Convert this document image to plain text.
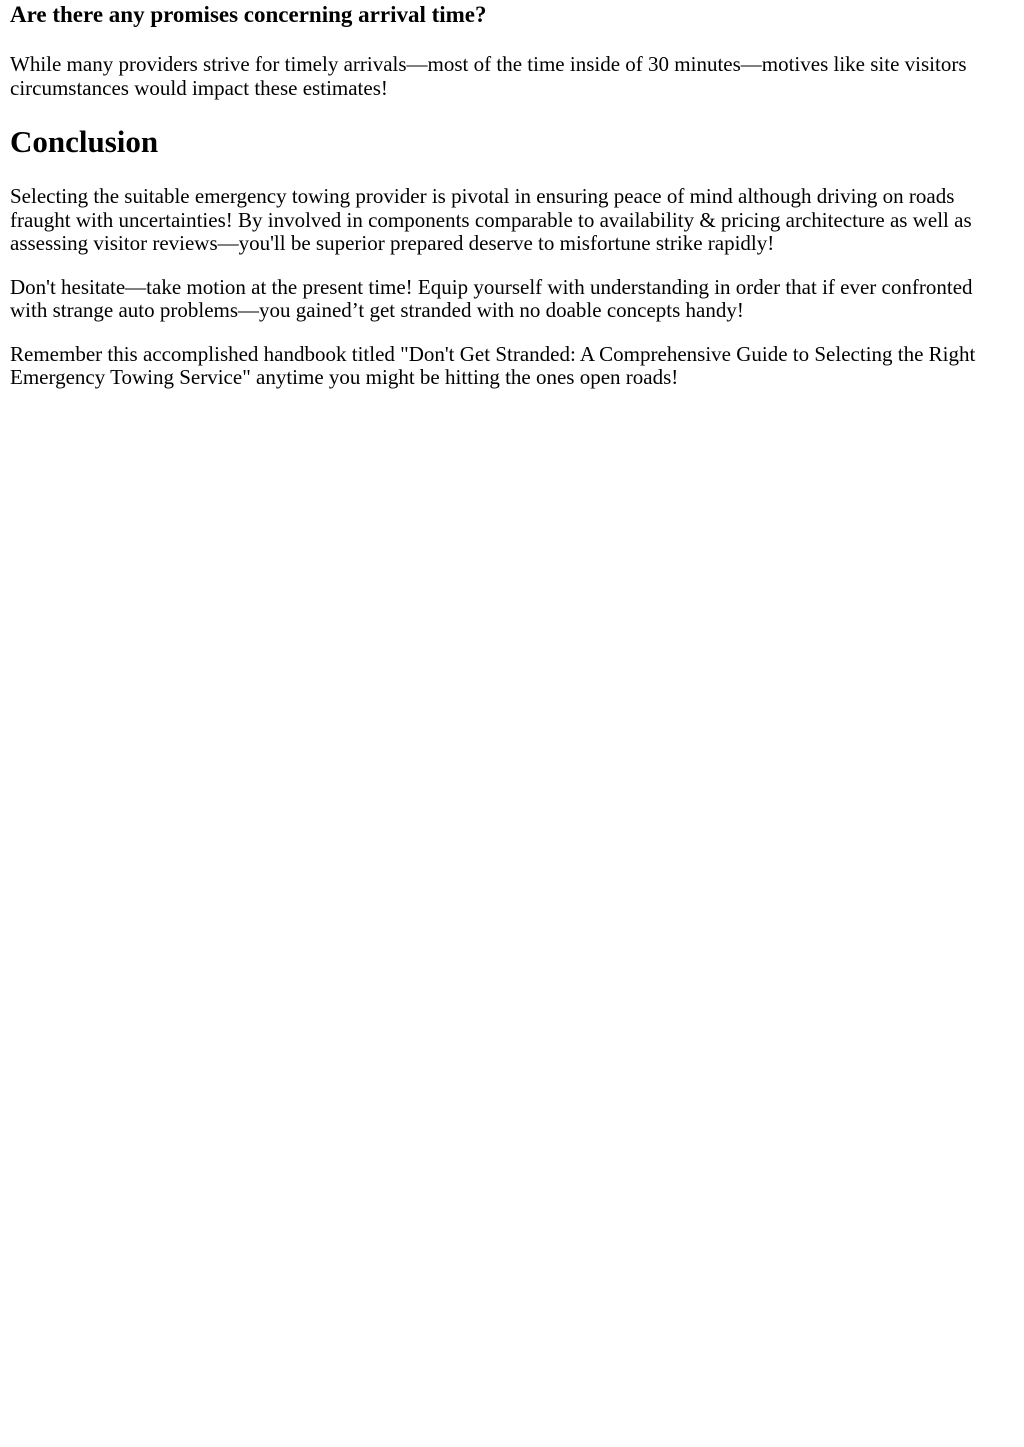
Are there any promises concerning arrival time?

While many providers strive for timely arrivals—most of the time inside of 30 minutes—motives like site visitors circumstances would impact these estimates!

Conclusion

Selecting the suitable emergency towing provider is pivotal in ensuring peace of mind although driving on roads fraught with uncertainties! By involved in components comparable to availability & pricing architecture as well as assessing visitor reviews—you'll be superior prepared deserve to misfortune strike rapidly!

Don't hesitate—take motion at the present time! Equip yourself with understanding in order that if ever confronted with strange auto problems—you gained’t get stranded with no doable concepts handy!

Remember this accomplished handbook titled "Don't Get Stranded: A Comprehensive Guide to Selecting the Right Emergency Towing Service" anytime you might be hitting the ones open roads!
